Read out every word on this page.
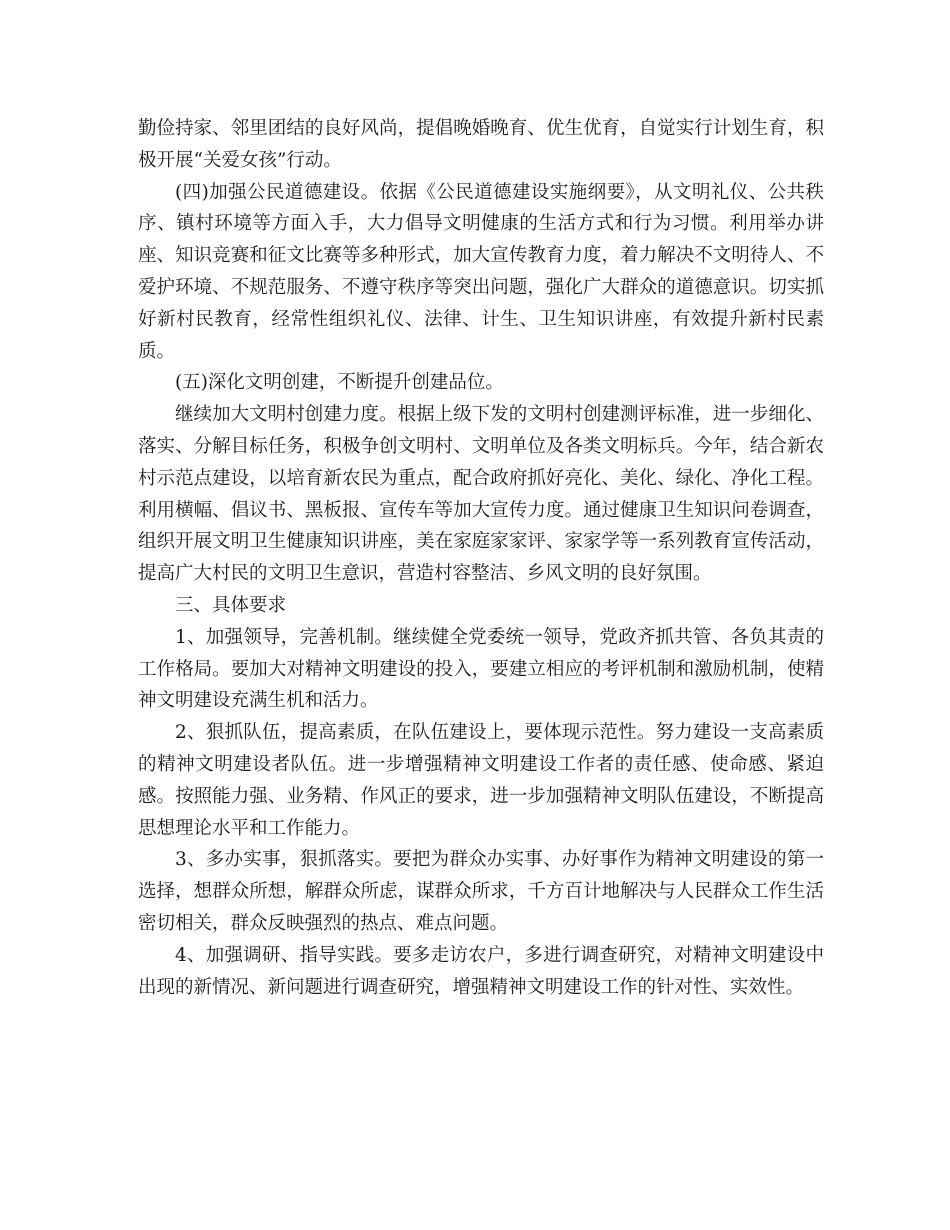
勤俭持家、邻里团结的良好风尚，提倡晚婚晚育、优生优育，自觉实行计划生育，积极开展“关爱女孩”行动。

(四)加强公民道德建设。依据《公民道德建设实施纲要》，从文明礼仪、公共秩序、镇村环境等方面入手，大力倡导文明健康的生活方式和行为习惯。利用举办讲座、知识竞赛和征文比赛等多种形式，加大宣传教育力度，着力解决不文明待人、不爱护环境、不规范服务、不遵守秩序等突出问题，强化广大群众的道德意识。切实抓好新村民教育，经常性组织礼仪、法律、计生、卫生知识讲座，有效提升新村民素质。

(五)深化文明创建，不断提升创建品位。

继续加大文明村创建力度。根据上级下发的文明村创建测评标准，进一步细化、落实、分解目标任务，积极争创文明村、文明单位及各类文明标兵。今年，结合新农村示范点建设，以培育新农民为重点，配合政府抓好亮化、美化、绿化、净化工程。利用横幅、倡议书、黑板报、宣传车等加大宣传力度。通过健康卫生知识问卷调查，组织开展文明卫生健康知识讲座，美在家庭家家评、家家学等一系列教育宣传活动，提高广大村民的文明卫生意识，营造村容整洁、乡风文明的良好氛围。

三、具体要求

1、加强领导，完善机制。继续健全党委统一领导，党政齐抓共管、各负其责的工作格局。要加大对精神文明建设的投入，要建立相应的考评机制和激励机制，使精神文明建设充满生机和活力。

2、狠抓队伍，提高素质，在队伍建设上，要体现示范性。努力建设一支高素质的精神文明建设者队伍。进一步增强精神文明建设工作者的责任感、使命感、紧迫感。按照能力强、业务精、作风正的要求，进一步加强精神文明队伍建设，不断提高思想理论水平和工作能力。

3、多办实事，狠抓落实。要把为群众办实事、办好事作为精神文明建设的第一选择，想群众所想，解群众所虑，谋群众所求，千方百计地解决与人民群众工作生活密切相关，群众反映强烈的热点、难点问题。

4、加强调研、指导实践。要多走访农户，多进行调查研究，对精神文明建设中出现的新情况、新问题进行调查研究，增强精神文明建设工作的针对性、实效性。
